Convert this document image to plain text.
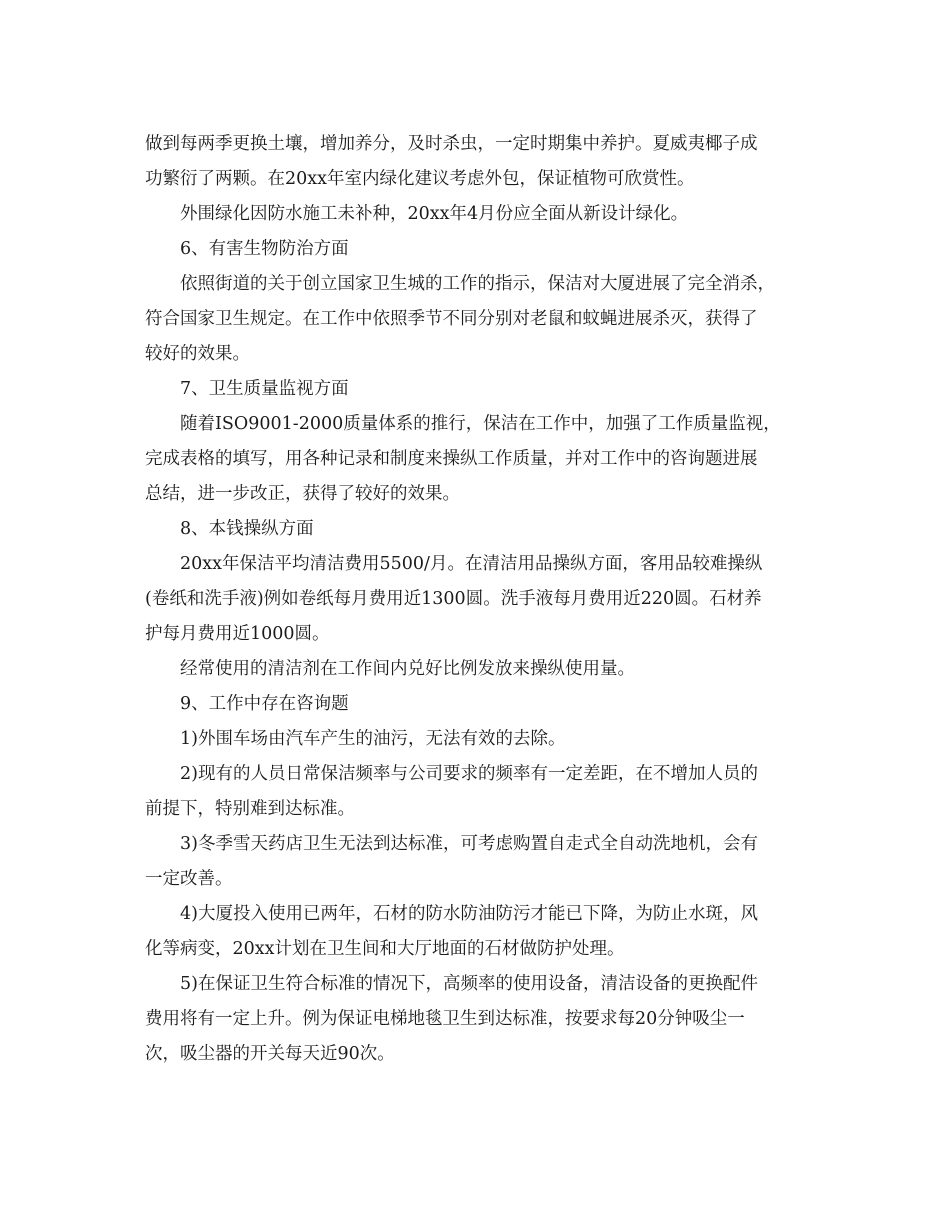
做到每两季更换土壤，增加养分，及时杀虫，一定时期集中养护。夏威夷椰子成
功繁衍了两颗。在20xx年室内绿化建议考虑外包，保证植物可欣赏性。
外围绿化因防水施工未补种，20xx年4月份应全面从新设计绿化。
6、有害生物防治方面
依照街道的关于创立国家卫生城的工作的指示，保洁对大厦进展了完全消杀，
符合国家卫生规定。在工作中依照季节不同分别对老鼠和蚊蝇进展杀灭，获得了
较好的效果。
7、卫生质量监视方面
随着ISO9001-2000质量体系的推行，保洁在工作中，加强了工作质量监视，
完成表格的填写，用各种记录和制度来操纵工作质量，并对工作中的咨询题进展
总结，进一步改正，获得了较好的效果。
8、本钱操纵方面
20xx年保洁平均清洁费用5500/月。在清洁用品操纵方面，客用品较难操纵
(卷纸和洗手液)例如卷纸每月费用近1300圆。洗手液每月费用近220圆。石材养
护每月费用近1000圆。
经常使用的清洁剂在工作间内兑好比例发放来操纵使用量。
9、工作中存在咨询题
1)外围车场由汽车产生的油污，无法有效的去除。
2)现有的人员日常保洁频率与公司要求的频率有一定差距，在不增加人员的
前提下，特别难到达标准。
3)冬季雪天药店卫生无法到达标准，可考虑购置自走式全自动洗地机，会有
一定改善。
4)大厦投入使用已两年，石材的防水防油防污才能已下降，为防止水斑，风
化等病变，20xx计划在卫生间和大厅地面的石材做防护处理。
5)在保证卫生符合标准的情况下，高频率的使用设备，清洁设备的更换配件
费用将有一定上升。例为保证电梯地毯卫生到达标准，按要求每20分钟吸尘一
次，吸尘器的开关每天近90次。
